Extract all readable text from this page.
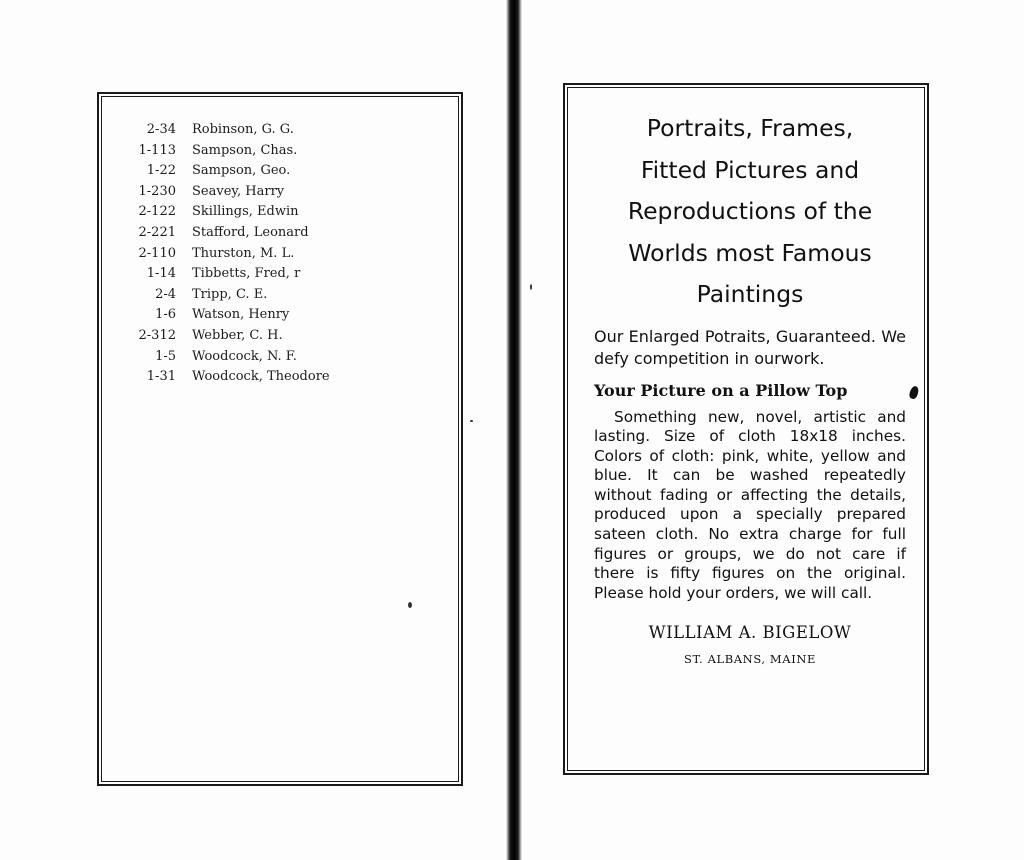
2-34	Robinson, G. G.
1-113	Sampson, Chas.
1-22	Sampson, Geo.
1-230	Seavey, Harry
2-122	Skillings, Edwin
2-221	Stafford, Leonard
2-110	Thurston, M. L.
1-14	Tibbetts, Fred, r
2-4	Tripp, C. E.
1-6	Watson, Henry
2-312	Webber, C. H.
1-5	Woodcock, N. F.
1-31	Woodcock, Theodore
Portraits, Frames,
Fitted Pictures and
Reproductions of the
Worlds most Famous
Paintings

Our Enlarged Potraits, Guaranteed. We defy competition in ourwork.

Your Picture on a Pillow Top

Something new, novel, artistic and lasting. Size of cloth 18x18 inches. Colors of cloth: pink, white, yellow and blue. It can be washed repeatedly without fading or affecting the details, produced upon a specially prepared sateen cloth. No extra charge for full figures or groups, we do not care if there is fifty figures on the original. Please hold your orders, we will call.

WILLIAM A. BIGELOW

ST. ALBANS, MAINE
